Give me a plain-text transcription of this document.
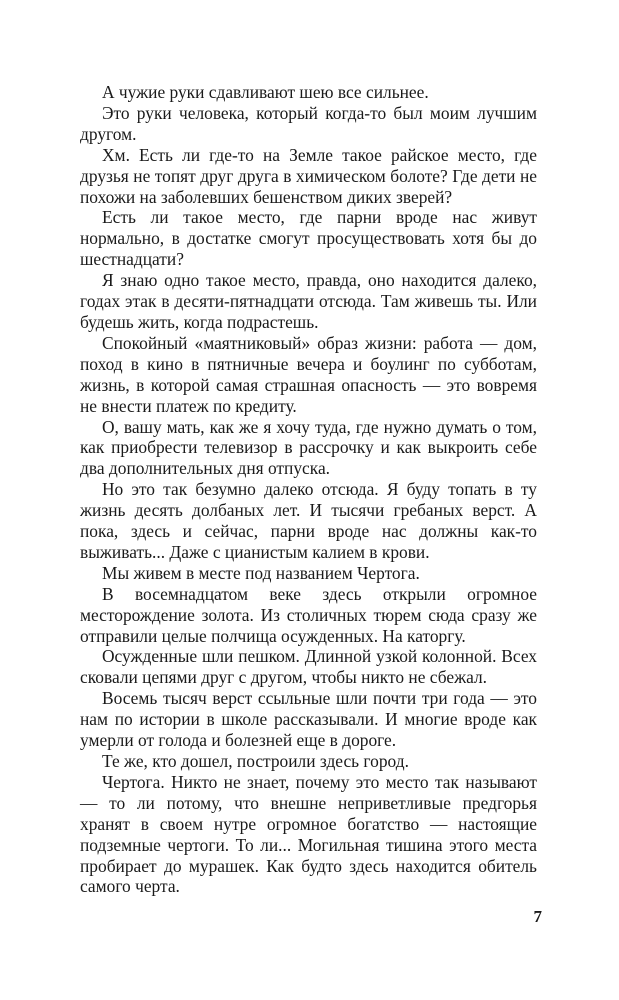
А чужие руки сдавливают шею все сильнее.

Это руки человека, который когда-то был моим лучшим другом.

Хм. Есть ли где-то на Земле такое райское место, где друзья не топят друг друга в химическом болоте? Где дети не похожи на заболевших бешенством диких зверей?

Есть ли такое место, где парни вроде нас живут нормально, в достатке смогут просуществовать хотя бы до шестнадцати?

Я знаю одно такое место, правда, оно находится далеко, годах этак в десяти-пятнадцати отсюда. Там живешь ты. Или будешь жить, когда подрастешь.

Спокойный «маятниковый» образ жизни: работа — дом, поход в кино в пятничные вечера и боулинг по субботам, жизнь, в которой самая страшная опасность — это вовремя не внести платеж по кредиту.

О, вашу мать, как же я хочу туда, где нужно думать о том, как приобрести телевизор в рассрочку и как выкроить себе два дополнительных дня отпуска.

Но это так безумно далеко отсюда. Я буду топать в ту жизнь десять долбаных лет. И тысячи гребаных верст. А пока, здесь и сейчас, парни вроде нас должны как-то выживать... Даже с цианистым калием в крови.

Мы живем в месте под названием Чертога.

В восемнадцатом веке здесь открыли огромное месторождение золота. Из столичных тюрем сюда сразу же отправили целые полчища осужденных. На каторгу.

Осужденные шли пешком. Длинной узкой колонной. Всех сковали цепями друг с другом, чтобы никто не сбежал.

Восемь тысяч верст ссыльные шли почти три года — это нам по истории в школе рассказывали. И многие вроде как умерли от голода и болезней еще в дороге.

Те же, кто дошел, построили здесь город.

Чертога. Никто не знает, почему это место так называют — то ли потому, что внешне неприветливые предгорья хранят в своем нутре огромное богатство — настоящие подземные чертоги. То ли... Могильная тишина этого места пробирает до мурашек. Как будто здесь находится обитель самого черта.

7
